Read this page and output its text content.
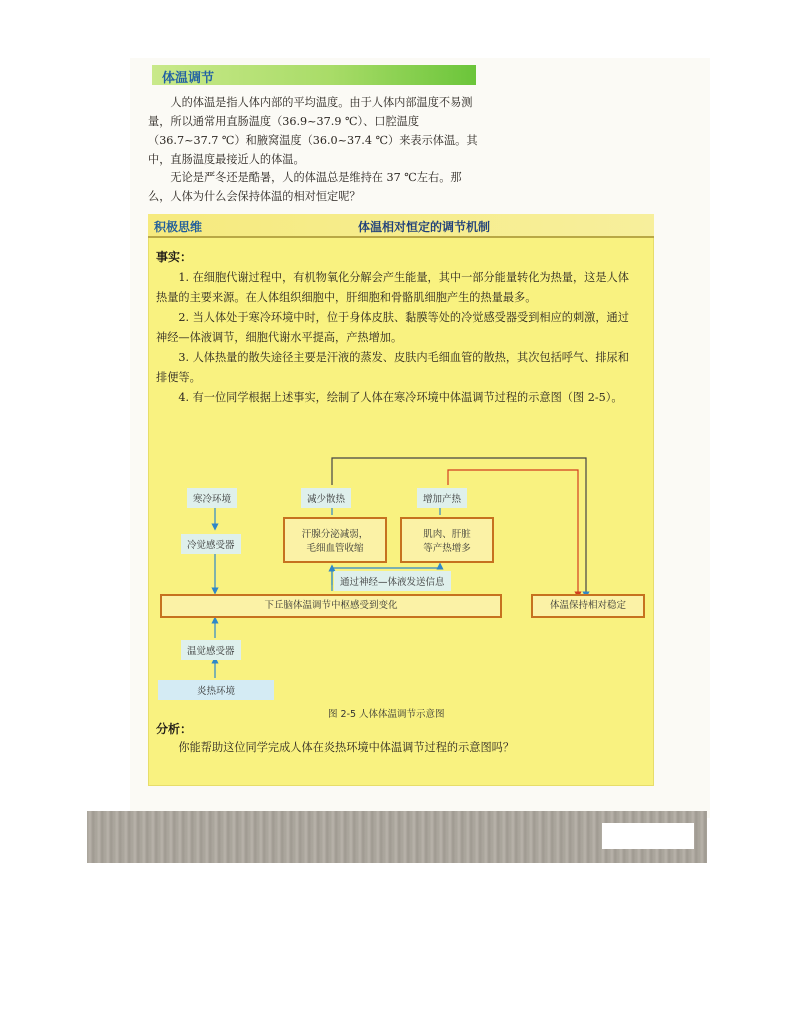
体温调节
人的体温是指人体内部的平均温度。由于人体内部温度不易测量，所以通常用直肠温度（36.9~37.9 ℃）、口腔温度（36.7~37.7 ℃）和腋窝温度（36.0~37.4 ℃）来表示体温。其中，直肠温度最接近人的体温。
无论是严冬还是酷暑，人的体温总是维持在 37 ℃左右。那么，人体为什么会保持体温的相对恒定呢？
积极思维	体温相对恒定的调节机制
事实：

1. 在细胞代谢过程中，有机物氧化分解会产生能量，其中一部分能量转化为热量，这是人体热量的主要来源。在人体组织细胞中，肝细胞和骨骼肌细胞产生的热量最多。

2. 当人体处于寒冷环境中时，位于身体皮肤、黏膜等处的冷觉感受器受到相应的刺激，通过神经—体液调节，细胞代谢水平提高，产热增加。

3. 人体热量的散失途径主要是汗液的蒸发、皮肤内毛细血管的散热，其次包括呼气、排尿和排便等。

4. 有一位同学根据上述事实，绘制了人体在寒冷环境中体温调节过程的示意图（图 2-5）。

寒冷环境
冷觉感受器
减少散热	增加产热
汗腺分泌减弱，
毛细血管收缩
肌肉、肝脏
等产热增多
通过神经—体液发送信息
下丘脑体温调节中枢感受到变化	体温保持相对稳定
温觉感受器
炎热环境
图 2-5 人体体温调节示意图
分析：

你能帮助这位同学完成人体在炎热环境中体温调节过程的示意图吗？
